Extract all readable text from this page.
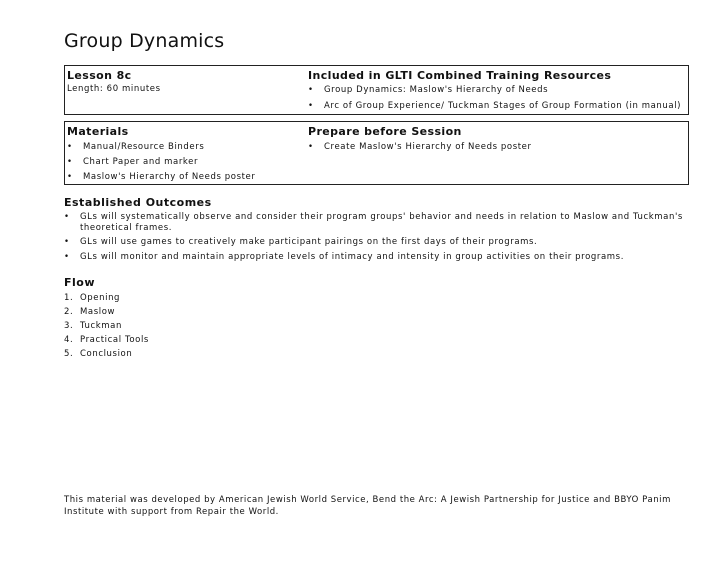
Group Dynamics

Lesson 8c

Length: 60 minutes

Included in GLTI Combined Training Resources

• Group Dynamics: Maslow's Hierarchy of Needs
• Arc of Group Experience/ Tuckman Stages of Group Formation (in manual)

Materials

• Manual/Resource Binders
• Chart Paper and marker
• Maslow's Hierarchy of Needs poster

Prepare before Session

• Create Maslow's Hierarchy of Needs poster
Established Outcomes
• GLs will systematically observe and consider their program groups' behavior and needs in relation to Maslow and Tuckman's theoretical frames.
• GLs will use games to creatively make participant pairings on the first days of their programs.
• GLs will monitor and maintain appropriate levels of intimacy and intensity in group activities on their programs.
Flow
1. Opening
2. Maslow
3. Tuckman
4. Practical Tools
5. Conclusion

This material was developed by American Jewish World Service, Bend the Arc: A Jewish Partnership for Justice and BBYO Panim Institute with support from Repair the World.
